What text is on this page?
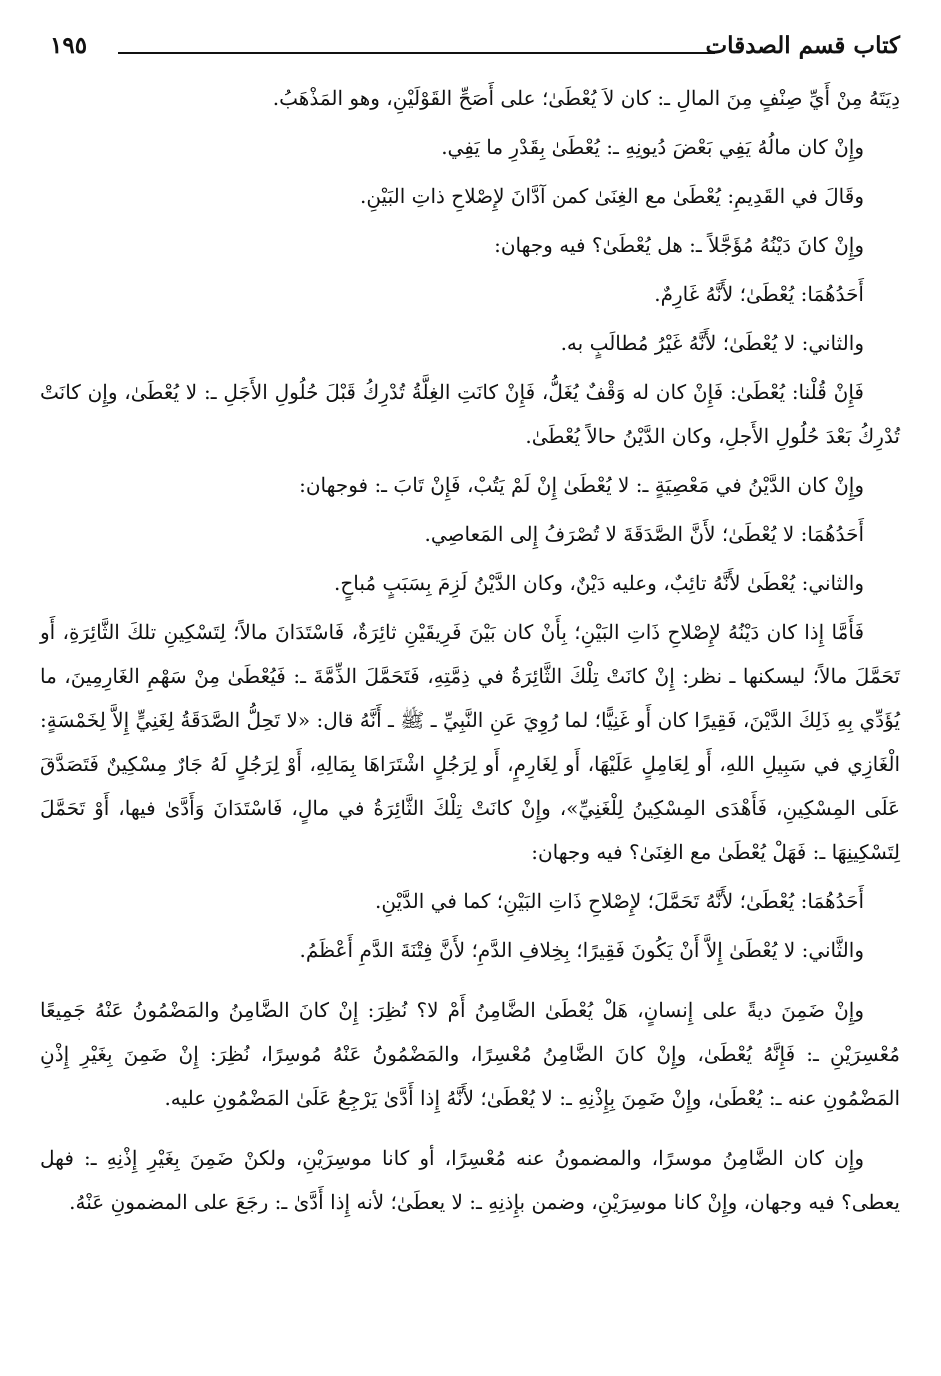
كتاب قسم الصدقات
١٩٥

دِيَتَهُ مِنْ أَيِّ صِنْفٍ مِنَ المالِ ـ: كان لاَ يُعْطَىٰ؛ على أَصَحِّ القَوْلَيْنِ، وهو المَذْهَبُ.

وإِنْ كان مالُهُ يَفِي بَعْضَ دُيونِهِ ـ: يُعْطَىٰ بِقَدْرِ ما يَفِي.

وقَالَ في القَدِيمِ: يُعْطَىٰ مع الغِنَىٰ كمن آدَّانَ لإِصْلاحِ ذاتِ البَيْنِ.

وإِنْ كانَ دَيْنُهُ مُؤَجَّلاً ـ: هل يُعْطَىٰ؟ فيه وجهان:

أَحَدُهُمَا: يُعْطَىٰ؛ لأَنَّهُ غَارِمٌ.

والثاني: لا يُعْطَىٰ؛ لأَنَّهُ غَيْرُ مُطالَبٍ به.

فَإِنْ قُلْنا: يُعْطَىٰ: فَإِنْ كان له وَقْفٌ يُغَلُّ، فَإِنْ كانَتِ الغِلَّةُ تُدْرِكُ قَبْلَ حُلُولِ الأَجَلِ ـ: لا يُعْطَىٰ، وإِن كانَتْ تُدْرِكُ بَعْدَ حُلُولِ الأَجلِ، وكان الدَّيْنُ حالاً يُعْطَىٰ.

وإِنْ كان الدَّيْنُ في مَعْصِيَةٍ ـ: لا يُعْطَىٰ إِنْ لَمْ يَتُبْ، فَإِنْ تَابَ ـ: فوجهان:

أَحَدُهُمَا: لا يُعْطَىٰ؛ لأَنَّ الصَّدَقَةَ لا تُصْرَفُ إِلى المَعاصِي.

والثاني: يُعْطَىٰ لأَنَّهُ تائِبٌ، وعليه دَيْنٌ، وكان الدَّيْنُ لَزِمَ بِسَبَبٍ مُباحٍ.

فَأَمَّا إِذا كان دَيْنُهُ لإِصْلاحِ ذَاتِ البَيْنِ؛ بِأَنْ كان بَيْنَ فَرِيقَيْنِ ثائِرَةٌ، فَاسْتَدَانَ مالاً؛ لِتَسْكِينِ تلكَ الثَّائِرَةِ، أَو تَحَمَّلَ مالاً؛ ليسكنها ـ نظر: إِنْ كانَتْ تِلْكَ الثَّائِرَةُ في ذِمَّتِهِ، فَتَحَمَّلَ الذِّمَّةَ ـ: فَيُعْطَىٰ مِنْ سَهْمِ الغَارِمِينَ، ما يُؤَدِّي بِهِ ذَلِكَ الدَّيْنَ، فَقِيرًا كان أَو غَنِيًّا؛ لما رُوِيَ عَنِ النَّبِيِّ ـ ﷺ ـ أَنَّهُ قال: «لا تَحِلُّ الصَّدَقَةُ لِغَنِيٍّ إِلاَّ لِخَمْسَةٍ: الْغَازِي في سَبِيلِ اللهِ، أَو لِعَامِلٍ عَلَيْهَا، أَو لِغَارِمٍ، أَو لِرَجُلٍ اشْتَرَاهَا بِمَالِهِ، أَوْ لِرَجُلٍ لَهُ جَارٌ مِسْكِينٌ فَتَصَدَّقَ عَلَى المِسْكِينِ، فَأَهْدَى المِسْكِينُ لِلْغَنِيِّ»، وإِنْ كانَتْ تِلْكَ الثَّائِرَةُ في مالٍ، فَاسْتَدَانَ وَأَدَّىٰ فيها، أَوْ تَحَمَّلَ لِتَسْكِينِهَا ـ: فَهَلْ يُعْطَىٰ مع الغِنَىٰ؟ فيه وجهان:

أَحَدُهُمَا: يُعْطَىٰ؛ لأَنَّهُ تَحَمَّلَ؛ لإِصْلاحِ ذَاتِ البَيْنِ؛ كما في الدَّيْنِ.

والثَّاني: لا يُعْطَىٰ إِلاَّ أَنْ يَكُونَ فَقِيرًا؛ بِخِلافِ الدَّمِ؛ لأَنَّ فِتْنَةَ الدَّمِ أَعْظَمُ.

وإِنْ ضَمِنَ ديةً على إِنسانٍ، هَلْ يُعْطَىٰ الضَّامِنُ أَمْ لا؟ نُظِرَ: إِنْ كانَ الضَّامِنُ والمَضْمُونُ عَنْهُ جَمِيعًا مُعْسِرَيْنِ ـ: فَإِنَّهُ يُعْطَىٰ، وإِنْ كانَ الضَّامِنُ مُعْسِرًا، والمَضْمُونُ عَنْهُ مُوسِرًا، نُظِرَ: إِنْ ضَمِنَ بِغَيْرِ إِذْنِ المَضْمُونِ عنه ـ: يُعْطَىٰ، وإِنْ ضَمِنَ بِإِذْنِهِ ـ: لا يُعْطَىٰ؛ لأَنَّهُ إِذا أَدَّىٰ يَرْجِعُ عَلَىٰ المَضْمُونِ عليه.

وإِن كان الضَّامِنُ موسرًا، والمضمونُ عنه مُعْسِرًا، أو كانا موسِرَيْنِ، ولكنْ ضَمِنَ بِغَيْرِ إِذْنِهِ ـ: فهل يعطى؟ فيه وجهان، وإِنْ كانا موسِرَيْنِ، وضمن بإِذنِهِ ـ: لا يعطَىٰ؛ لأنه إِذا أَدَّىٰ ـ: رجَعَ على المضمونِ عَنْهُ.
